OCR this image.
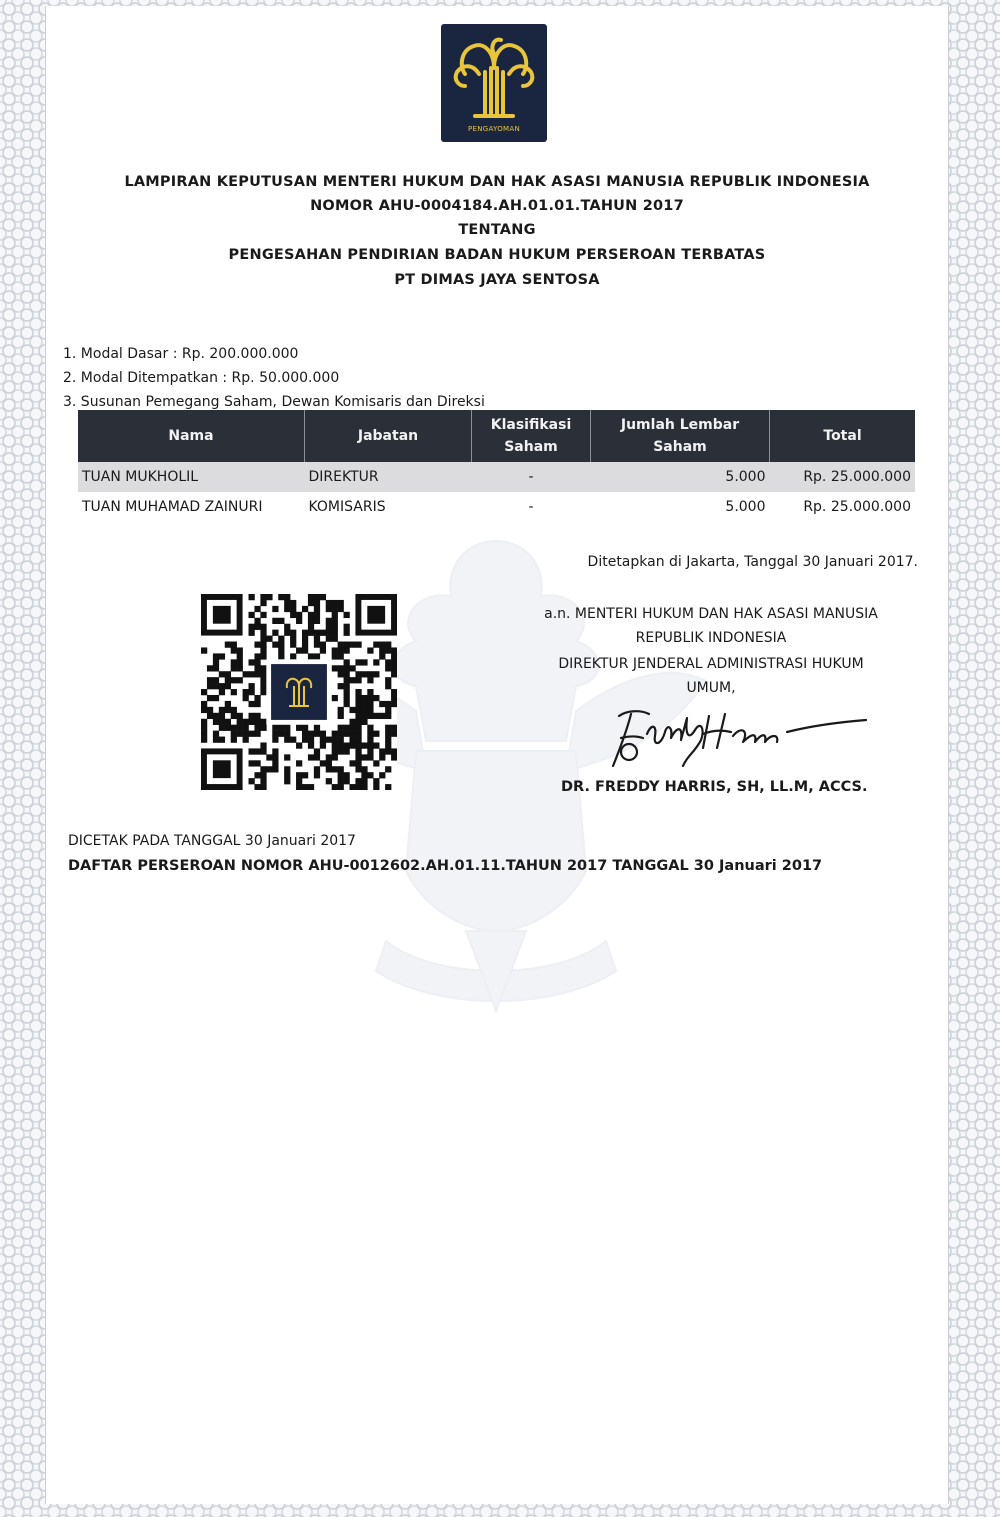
PENGAYOMAN
LAMPIRAN KEPUTUSAN MENTERI HUKUM DAN HAK ASASI MANUSIA REPUBLIK INDONESIA
NOMOR AHU-0004184.AH.01.01.TAHUN 2017
TENTANG
PENGESAHAN PENDIRIAN BADAN HUKUM PERSEROAN TERBATAS
PT DIMAS JAYA SENTOSA
1. Modal Dasar : Rp. 200.000.000
2. Modal Ditempatkan : Rp. 50.000.000
3. Susunan Pemegang Saham, Dewan Komisaris dan Direksi
Nama	Jabatan	Klasifikasi Saham	Jumlah Lembar Saham	Total
TUAN MUKHOLIL	DIREKTUR	-	5.000	Rp. 25.000.000
TUAN MUHAMAD ZAINURI	KOMISARIS	-	5.000	Rp. 25.000.000
Ditetapkan di Jakarta, Tanggal 30 Januari 2017.
a.n. MENTERI HUKUM DAN HAK ASASI MANUSIA
REPUBLIK INDONESIA
DIREKTUR JENDERAL ADMINISTRASI HUKUM
UMUM,
DR. FREDDY HARRIS, SH, LL.M, ACCS.
DICETAK PADA TANGGAL 30 Januari 2017
DAFTAR PERSEROAN NOMOR AHU-0012602.AH.01.11.TAHUN 2017 TANGGAL 30 Januari 2017
